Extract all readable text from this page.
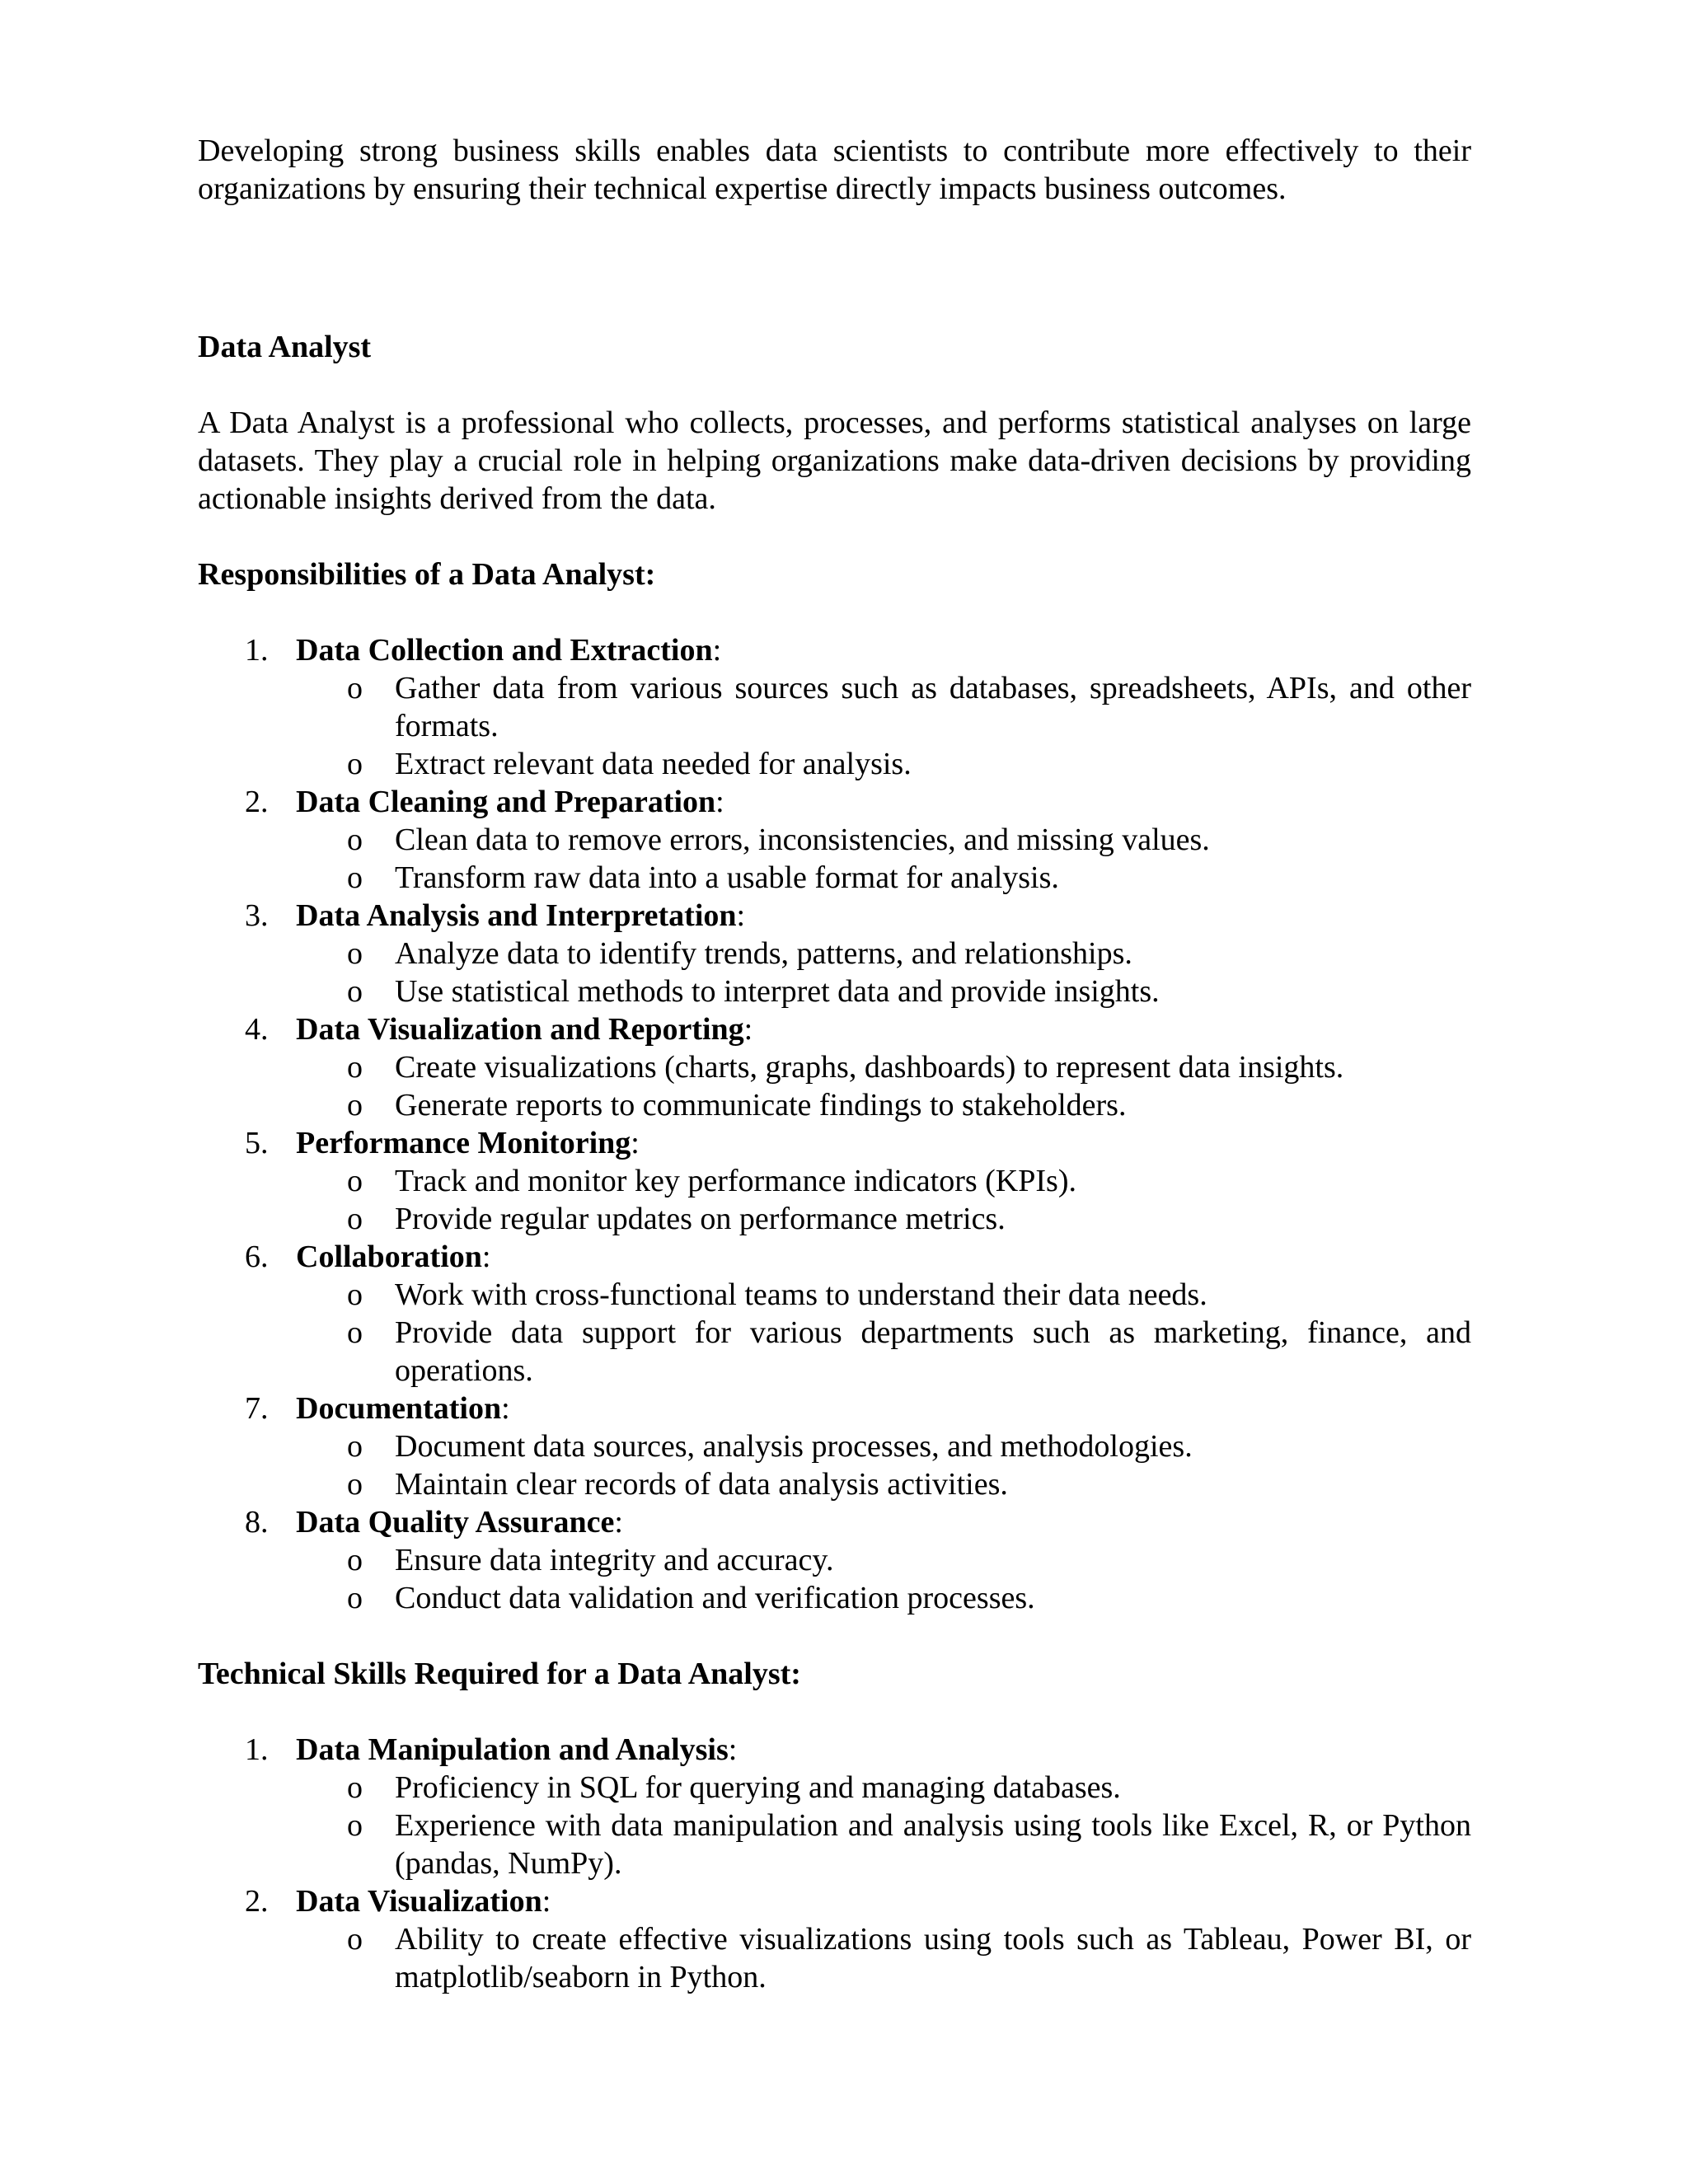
Developing strong business skills enables data scientists to contribute more effectively to their organizations by ensuring their technical expertise directly impacts business outcomes.

Data Analyst

A Data Analyst is a professional who collects, processes, and performs statistical analyses on large datasets. They play a crucial role in helping organizations make data-driven decisions by providing actionable insights derived from the data.

Responsibilities of a Data Analyst:

1. Data Collection and Extraction:
o Gather data from various sources such as databases, spreadsheets, APIs, and other formats.
o Extract relevant data needed for analysis.
2. Data Cleaning and Preparation:
o Clean data to remove errors, inconsistencies, and missing values.
o Transform raw data into a usable format for analysis.
3. Data Analysis and Interpretation:
o Analyze data to identify trends, patterns, and relationships.
o Use statistical methods to interpret data and provide insights.
4. Data Visualization and Reporting:
o Create visualizations (charts, graphs, dashboards) to represent data insights.
o Generate reports to communicate findings to stakeholders.
5. Performance Monitoring:
o Track and monitor key performance indicators (KPIs).
o Provide regular updates on performance metrics.
6. Collaboration:
o Work with cross-functional teams to understand their data needs.
o Provide data support for various departments such as marketing, finance, and operations.
7. Documentation:
o Document data sources, analysis processes, and methodologies.
o Maintain clear records of data analysis activities.
8. Data Quality Assurance:
o Ensure data integrity and accuracy.
o Conduct data validation and verification processes.

Technical Skills Required for a Data Analyst:

1. Data Manipulation and Analysis:
o Proficiency in SQL for querying and managing databases.
o Experience with data manipulation and analysis using tools like Excel, R, or Python (pandas, NumPy).
2. Data Visualization:
o Ability to create effective visualizations using tools such as Tableau, Power BI, or matplotlib/seaborn in Python.
